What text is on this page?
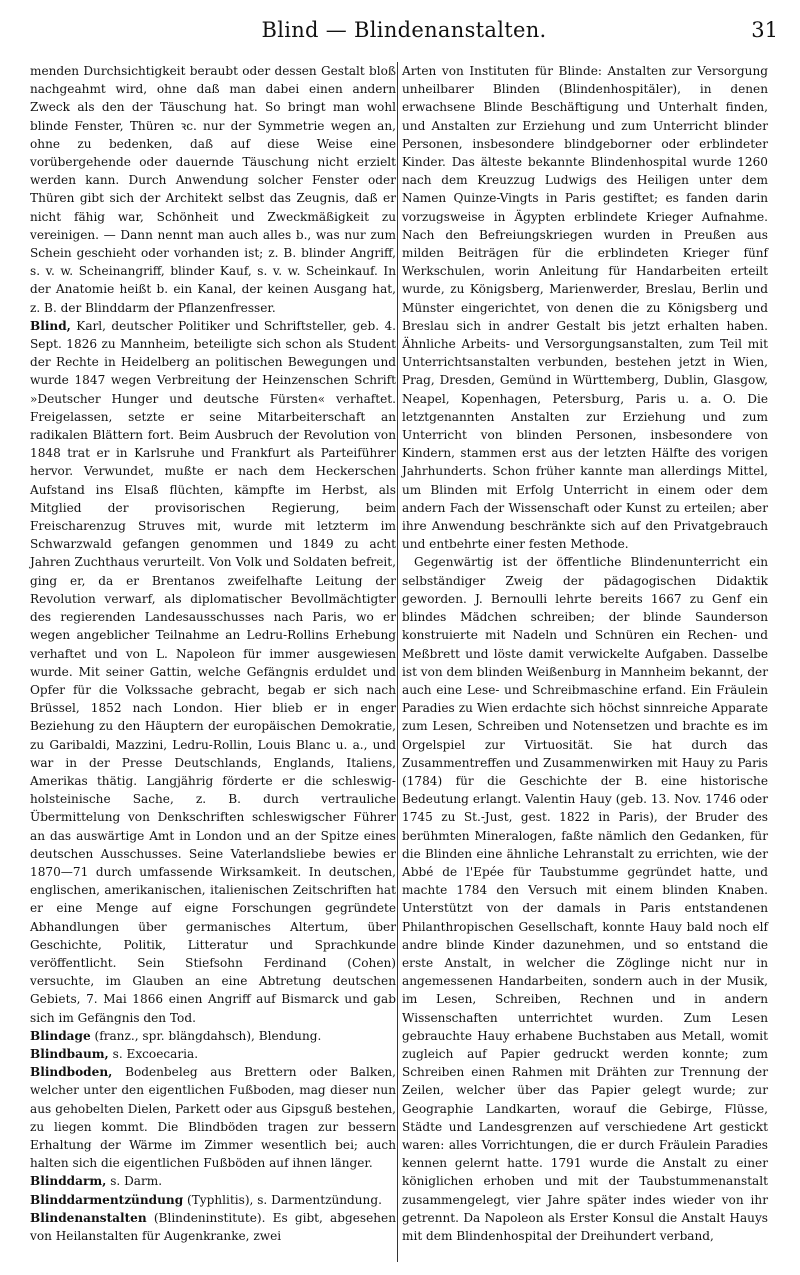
Blind — Blindenanstalten.	31

menden Durchsichtigkeit beraubt oder dessen Gestalt bloß nachgeahmt wird, ohne daß man dabei einen andern Zweck als den der Täuschung hat. So bringt man wohl blinde Fenster, Thüren ꝛc. nur der Symmetrie wegen an, ohne zu bedenken, daß auf diese Weise eine vorübergehende oder dauernde Täuschung nicht erzielt werden kann. Durch Anwendung solcher Fenster oder Thüren gibt sich der Architekt selbst das Zeugnis, daß er nicht fähig war, Schönheit und Zweckmäßigkeit zu vereinigen. — Dann nennt man auch alles b., was nur zum Schein geschieht oder vorhanden ist; z. B. blinder Angriff, s. v. w. Scheinangriff, blinder Kauf, s. v. w. Scheinkauf. In der Anatomie heißt b. ein Kanal, der keinen Ausgang hat, z. B. der Blinddarm der Pflanzenfresser.

Blind, Karl, deutscher Politiker und Schriftsteller, geb. 4. Sept. 1826 zu Mannheim, beteiligte sich schon als Student der Rechte in Heidelberg an politischen Bewegungen und wurde 1847 wegen Verbreitung der Heinzenschen Schrift »Deutscher Hunger und deutsche Fürsten« verhaftet. Freigelassen, setzte er seine Mitarbeiterschaft an radikalen Blättern fort. Beim Ausbruch der Revolution von 1848 trat er in Karlsruhe und Frankfurt als Parteiführer hervor. Verwundet, mußte er nach dem Heckerschen Aufstand ins Elsaß flüchten, kämpfte im Herbst, als Mitglied der provisorischen Regierung, beim Freischarenzug Struves mit, wurde mit letzterm im Schwarzwald gefangen genommen und 1849 zu acht Jahren Zuchthaus verurteilt. Von Volk und Soldaten befreit, ging er, da er Brentanos zweifelhafte Leitung der Revolution verwarf, als diplomatischer Bevollmächtigter des regierenden Landesausschusses nach Paris, wo er wegen angeblicher Teilnahme an Ledru-Rollins Erhebung verhaftet und von L. Napoleon für immer ausgewiesen wurde. Mit seiner Gattin, welche Gefängnis erduldet und Opfer für die Volkssache gebracht, begab er sich nach Brüssel, 1852 nach London. Hier blieb er in enger Beziehung zu den Häuptern der europäischen Demokratie, zu Garibaldi, Mazzini, Ledru-Rollin, Louis Blanc u. a., und war in der Presse Deutschlands, Englands, Italiens, Amerikas thätig. Langjährig förderte er die schleswig-holsteinische Sache, z. B. durch vertrauliche Übermittelung von Denkschriften schleswigscher Führer an das auswärtige Amt in London und an der Spitze eines deutschen Ausschusses. Seine Vaterlandsliebe bewies er 1870—71 durch umfassende Wirksamkeit. In deutschen, englischen, amerikanischen, italienischen Zeitschriften hat er eine Menge auf eigne Forschungen gegründete Abhandlungen über germanisches Altertum, über Geschichte, Politik, Litteratur und Sprachkunde veröffentlicht. Sein Stiefsohn Ferdinand (Cohen) versuchte, im Glauben an eine Abtretung deutschen Gebiets, 7. Mai 1866 einen Angriff auf Bismarck und gab sich im Gefängnis den Tod.

Blindage (franz., spr. blängdahsch), Blendung.

Blindbaum, s. Excoecaria.

Blindboden, Bodenbeleg aus Brettern oder Balken, welcher unter den eigentlichen Fußboden, mag dieser nun aus gehobelten Dielen, Parkett oder aus Gipsguß bestehen, zu liegen kommt. Die Blindböden tragen zur bessern Erhaltung der Wärme im Zimmer wesentlich bei; auch halten sich die eigentlichen Fußböden auf ihnen länger.

Blinddarm, s. Darm.

Blinddarmentzündung (Typhlitis), s. Darmentzündung.

Blindenanstalten (Blindeninstitute). Es gibt, abgesehen von Heilanstalten für Augenkranke, zwei

Arten von Instituten für Blinde: Anstalten zur Versorgung unheilbarer Blinden (Blindenhospitäler), in denen erwachsene Blinde Beschäftigung und Unterhalt finden, und Anstalten zur Erziehung und zum Unterricht blinder Personen, insbesondere blindgeborner oder erblindeter Kinder. Das älteste bekannte Blindenhospital wurde 1260 nach dem Kreuzzug Ludwigs des Heiligen unter dem Namen Quinze-Vingts in Paris gestiftet; es fanden darin vorzugsweise in Ägypten erblindete Krieger Aufnahme. Nach den Befreiungskriegen wurden in Preußen aus milden Beiträgen für die erblindeten Krieger fünf Werkschulen, worin Anleitung für Handarbeiten erteilt wurde, zu Königsberg, Marienwerder, Breslau, Berlin und Münster eingerichtet, von denen die zu Königsberg und Breslau sich in andrer Gestalt bis jetzt erhalten haben. Ähnliche Arbeits- und Versorgungsanstalten, zum Teil mit Unterrichtsanstalten verbunden, bestehen jetzt in Wien, Prag, Dresden, Gemünd in Württemberg, Dublin, Glasgow, Neapel, Kopenhagen, Petersburg, Paris u. a. O. Die letztgenannten Anstalten zur Erziehung und zum Unterricht von blinden Personen, insbesondere von Kindern, stammen erst aus der letzten Hälfte des vorigen Jahrhunderts. Schon früher kannte man allerdings Mittel, um Blinden mit Erfolg Unterricht in einem oder dem andern Fach der Wissenschaft oder Kunst zu erteilen; aber ihre Anwendung beschränkte sich auf den Privatgebrauch und entbehrte einer festen Methode.

Gegenwärtig ist der öffentliche Blindenunterricht ein selbständiger Zweig der pädagogischen Didaktik geworden. J. Bernoulli lehrte bereits 1667 zu Genf ein blindes Mädchen schreiben; der blinde Saunderson konstruierte mit Nadeln und Schnüren ein Rechen- und Meßbrett und löste damit verwickelte Aufgaben. Dasselbe ist von dem blinden Weißenburg in Mannheim bekannt, der auch eine Lese- und Schreibmaschine erfand. Ein Fräulein Paradies zu Wien erdachte sich höchst sinnreiche Apparate zum Lesen, Schreiben und Notensetzen und brachte es im Orgelspiel zur Virtuosität. Sie hat durch das Zusammentreffen und Zusammenwirken mit Hauy zu Paris (1784) für die Geschichte der B. eine historische Bedeutung erlangt. Valentin Hauy (geb. 13. Nov. 1746 oder 1745 zu St.-Just, gest. 1822 in Paris), der Bruder des berühmten Mineralogen, faßte nämlich den Gedanken, für die Blinden eine ähnliche Lehranstalt zu errichten, wie der Abbé de l'Epée für Taubstumme gegründet hatte, und machte 1784 den Versuch mit einem blinden Knaben. Unterstützt von der damals in Paris entstandenen Philanthropischen Gesellschaft, konnte Hauy bald noch elf andre blinde Kinder dazunehmen, und so entstand die erste Anstalt, in welcher die Zöglinge nicht nur in angemessenen Handarbeiten, sondern auch in der Musik, im Lesen, Schreiben, Rechnen und in andern Wissenschaften unterrichtet wurden. Zum Lesen gebrauchte Hauy erhabene Buchstaben aus Metall, womit zugleich auf Papier gedruckt werden konnte; zum Schreiben einen Rahmen mit Drähten zur Trennung der Zeilen, welcher über das Papier gelegt wurde; zur Geographie Landkarten, worauf die Gebirge, Flüsse, Städte und Landesgrenzen auf verschiedene Art gestickt waren: alles Vorrichtungen, die er durch Fräulein Paradies kennen gelernt hatte. 1791 wurde die Anstalt zu einer königlichen erhoben und mit der Taubstummenanstalt zusammengelegt, vier Jahre später indes wieder von ihr getrennt. Da Napoleon als Erster Konsul die Anstalt Hauys mit dem Blindenhospital der Dreihundert verband,
